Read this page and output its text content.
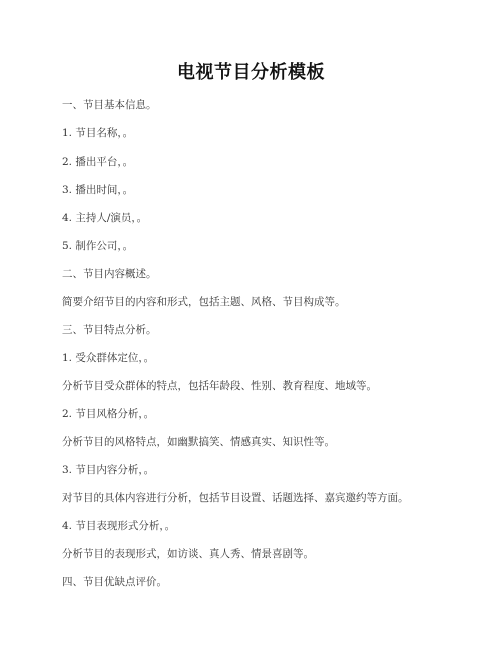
电视节目分析模板
一、节目基本信息。
1. 节目名称，。
2. 播出平台，。
3. 播出时间，。
4. 主持人/演员，。
5. 制作公司，。
二、节目内容概述。
简要介绍节目的内容和形式，包括主题、风格、节目构成等。
三、节目特点分析。
1. 受众群体定位，。
分析节目受众群体的特点，包括年龄段、性别、教育程度、地域等。
2. 节目风格分析，。
分析节目的风格特点，如幽默搞笑、情感真实、知识性等。
3. 节目内容分析，。
对节目的具体内容进行分析，包括节目设置、话题选择、嘉宾邀约等方面。
4. 节目表现形式分析，。
分析节目的表现形式，如访谈、真人秀、情景喜剧等。
四、节目优缺点评价。
